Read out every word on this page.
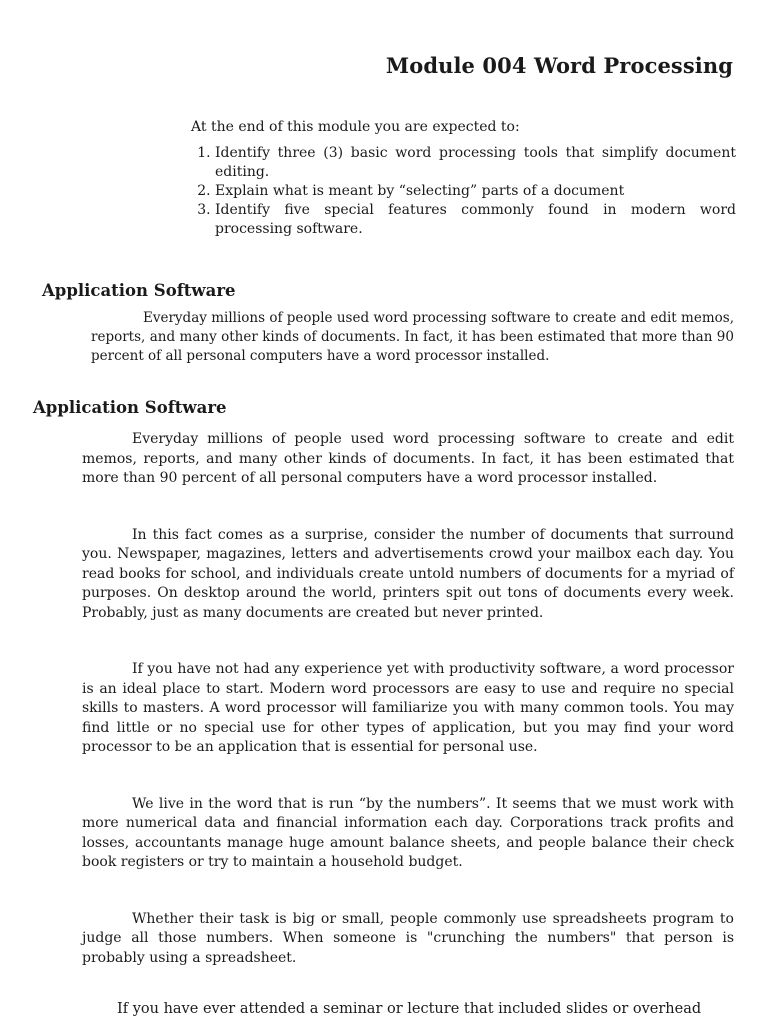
Module 004 Word Processing

At the end of this module you are expected to:

1. Identify three (3) basic word processing tools that simplify document editing.
2. Explain what is meant by “selecting” parts of a document
3. Identify five special features commonly found in modern word processing software.
Application Software

Everyday millions of people used word processing software to create and edit memos, reports, and many other kinds of documents. In fact, it has been estimated that more than 90 percent of all personal computers have a word processor installed.

Application Software

Everyday millions of people used word processing software to create and edit memos, reports, and many other kinds of documents. In fact, it has been estimated that more than 90 percent of all personal computers have a word processor installed.

In this fact comes as a surprise, consider the number of documents that surround you. Newspaper, magazines, letters and advertisements crowd your mailbox each day. You read books for school, and individuals create untold numbers of documents for a myriad of purposes. On desktop around the world, printers spit out tons of documents every week. Probably, just as many documents are created but never printed.

If you have not had any experience yet with productivity software, a word processor is an ideal place to start. Modern word processors are easy to use and require no special skills to masters. A word processor will familiarize you with many common tools. You may find little or no special use for other types of application, but you may find your word processor to be an application that is essential for personal use.

We live in the word that is run “by the numbers”. It seems that we must work with more numerical data and financial information each day. Corporations track profits and losses, accountants manage huge amount balance sheets, and people balance their check book registers or try to maintain a household budget.

Whether their task is big or small, people commonly use spreadsheets program to judge all those numbers. When someone is "crunching the numbers" that person is probably using a spreadsheet.

If you have ever attended a seminar or lecture that included slides or overhead
